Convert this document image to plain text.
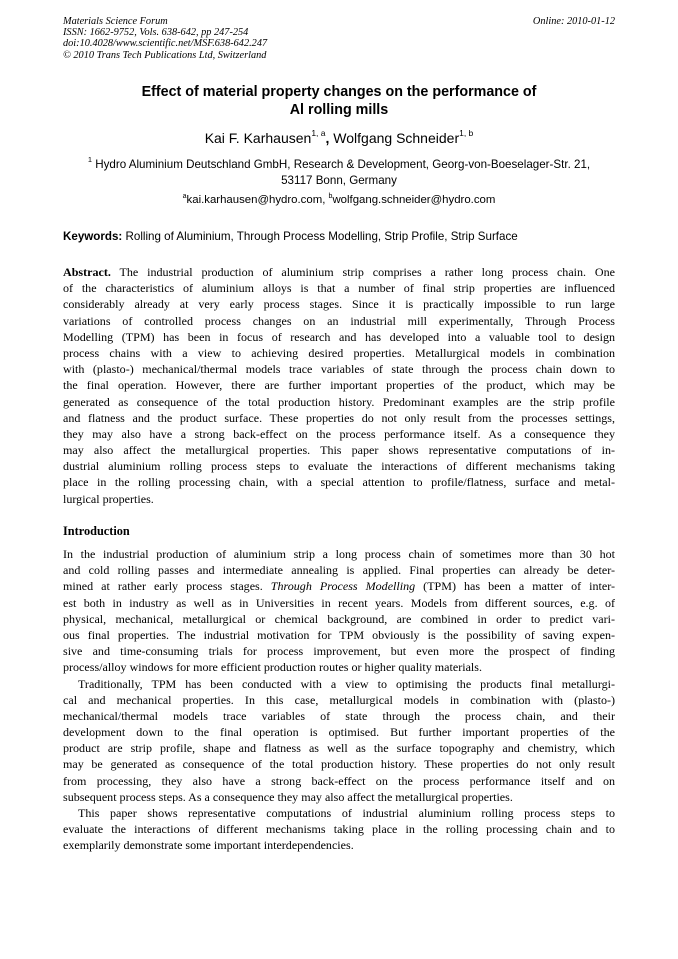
Materials Science Forum
ISSN: 1662-9752, Vols. 638-642, pp 247-254
doi:10.4028/www.scientific.net/MSF.638-642.247
© 2010 Trans Tech Publications Ltd, Switzerland
Online: 2010-01-12
Effect of material property changes on the performance of
Al rolling mills
Kai F. Karhausen$^{1, a}$, Wolfgang Schneider$^{1, b}$
$^1$ Hydro Aluminium Deutschland GmbH, Research & Development, Georg-von-Boeselager-Str. 21,
53117 Bonn, Germany
$^a$kai.karhausen@hydro.com, $^b$wolfgang.schneider@hydro.com
Keywords: Rolling of Aluminium, Through Process Modelling, Strip Profile, Strip Surface
Abstract. The industrial production of aluminium strip comprises a rather long process chain. One
of the characteristics of aluminium alloys is that a number of final strip properties are influenced
considerably already at very early process stages. Since it is practically impossible to run large
variations of controlled process changes on an industrial mill experimentally, Through Process
Modelling (TPM) has been in focus of research and has developed into a valuable tool to design
process chains with a view to achieving desired properties. Metallurgical models in combination
with (plasto-) mechanical/thermal models trace variables of state through the process chain down to
the final operation. However, there are further important properties of the product, which may be
generated as consequence of the total production history. Predominant examples are the strip profile
and flatness and the product surface. These properties do not only result from the processes settings,
they may also have a strong back-effect on the process performance itself. As a consequence they
may also affect the metallurgical properties. This paper shows representative computations of in-
dustrial aluminium rolling process steps to evaluate the interactions of different mechanisms taking
place in the rolling processing chain, with a special attention to profile/flatness, surface and metal-
lurgical properties.
Introduction
In the industrial production of aluminium strip a long process chain of sometimes more than 30 hot
and cold rolling passes and intermediate annealing is applied. Final properties can already be deter-
mined at rather early process stages. Through Process Modelling (TPM) has been a matter of inter-
est both in industry as well as in Universities in recent years. Models from different sources, e.g. of
physical, mechanical, metallurgical or chemical background, are combined in order to predict vari-
ous final properties. The industrial motivation for TPM obviously is the possibility of saving expen-
sive and time-consuming trials for process improvement, but even more the prospect of finding
process/alloy windows for more efficient production routes or higher quality materials.
Traditionally, TPM has been conducted with a view to optimising the products final metallurgi-
cal and mechanical properties. In this case, metallurgical models in combination with (plasto-)
mechanical/thermal models trace variables of state through the process chain, and their
development down to the final operation is optimised. But further important properties of the
product are strip profile, shape and flatness as well as the surface topography and chemistry, which
may be generated as consequence of the total production history. These properties do not only result
from processing, they also have a strong back-effect on the process performance itself and on
subsequent process steps. As a consequence they may also affect the metallurgical properties.
This paper shows representative computations of industrial aluminium rolling process steps to
evaluate the interactions of different mechanisms taking place in the rolling processing chain and to
exemplarily demonstrate some important interdependencies.
